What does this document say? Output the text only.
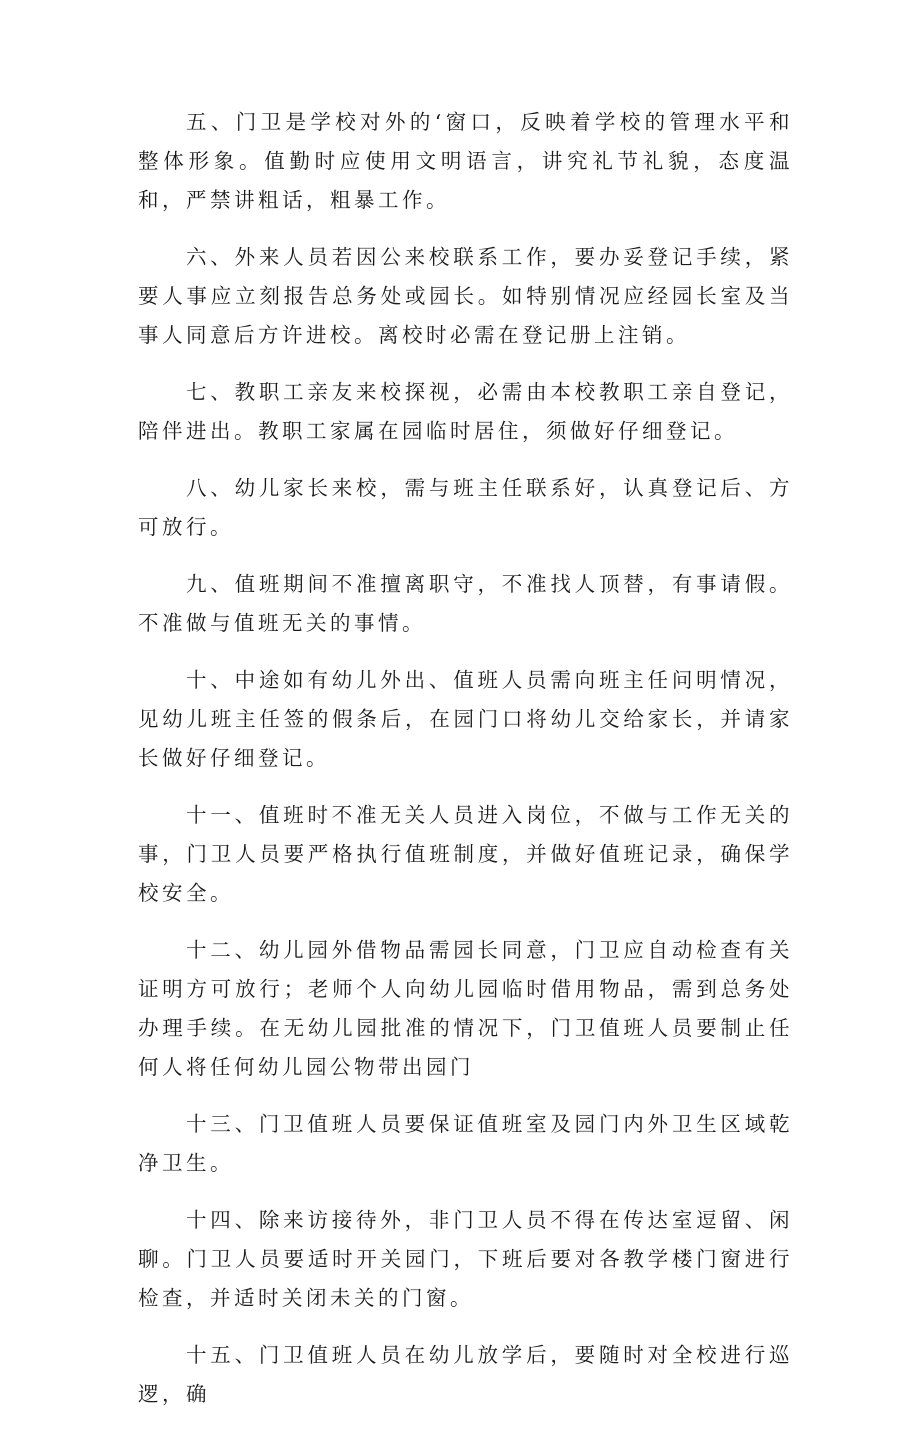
五、门卫是学校对外的‘窗口，反映着学校的管理水平和整体形象。值勤时应使用文明语言，讲究礼节礼貌，态度温和，严禁讲粗话，粗暴工作。

六、外来人员若因公来校联系工作，要办妥登记手续，紧要人事应立刻报告总务处或园长。如特别情况应经园长室及当事人同意后方许进校。离校时必需在登记册上注销。

七、教职工亲友来校探视，必需由本校教职工亲自登记，陪伴进出。教职工家属在园临时居住，须做好仔细登记。

八、幼儿家长来校，需与班主任联系好，认真登记后、方可放行。

九、值班期间不准擅离职守，不准找人顶替，有事请假。不准做与值班无关的事情。

十、中途如有幼儿外出、值班人员需向班主任问明情况，见幼儿班主任签的假条后，在园门口将幼儿交给家长，并请家长做好仔细登记。

十一、值班时不准无关人员进入岗位，不做与工作无关的事，门卫人员要严格执行值班制度，并做好值班记录，确保学校安全。

十二、幼儿园外借物品需园长同意，门卫应自动检查有关证明方可放行；老师个人向幼儿园临时借用物品，需到总务处办理手续。在无幼儿园批准的情况下，门卫值班人员要制止任何人将任何幼儿园公物带出园门

十三、门卫值班人员要保证值班室及园门内外卫生区域乾净卫生。

十四、除来访接待外，非门卫人员不得在传达室逗留、闲聊。门卫人员要适时开关园门，下班后要对各教学楼门窗进行检查，并适时关闭未关的门窗。

十五、门卫值班人员在幼儿放学后，要随时对全校进行巡逻，确
